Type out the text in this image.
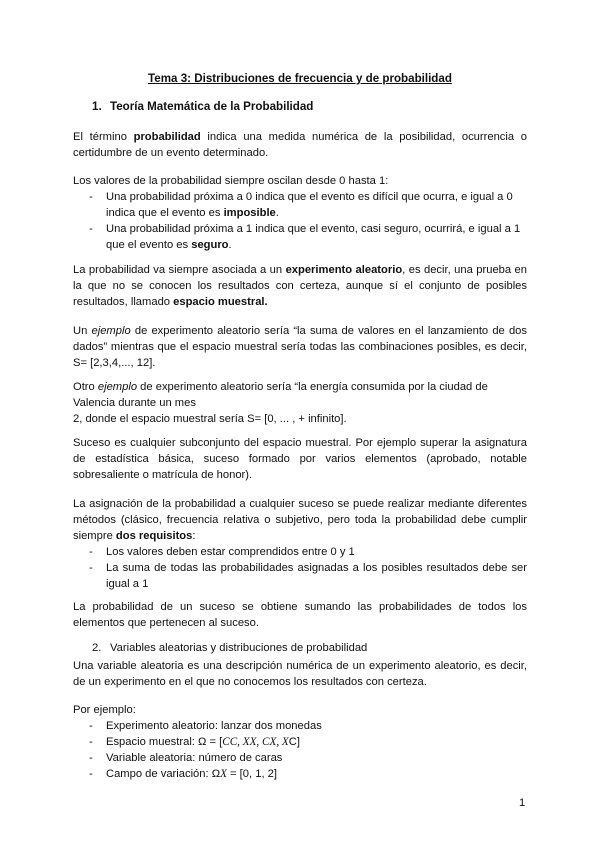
Tema 3: Distribuciones de frecuencia y de probabilidad
1. Teoría Matemática de la Probabilidad
El término probabilidad indica una medida numérica de la posibilidad, ocurrencia o certidumbre de un evento determinado.
Los valores de la probabilidad siempre oscilan desde 0 hasta 1:
- Una probabilidad próxima a 0 indica que el evento es difícil que ocurra, e igual a 0 indica que el evento es imposible.
- Una probabilidad próxima a 1 indica que el evento, casi seguro, ocurrirá, e igual a 1 que el evento es seguro.
La probabilidad va siempre asociada a un experimento aleatorio, es decir, una prueba en la que no se conocen los resultados con certeza, aunque sí el conjunto de posibles resultados, llamado espacio muestral.
Un ejemplo de experimento aleatorio sería “la suma de valores en el lanzamiento de dos dados” mientras que el espacio muestral sería todas las combinaciones posibles, es decir, S= [2,3,4,..., 12].
Otro ejemplo de experimento aleatorio sería “la energía consumida por la ciudad de Valencia durante un mes
2, donde el espacio muestral sería S= [0, ... , + infinito].
Suceso es cualquier subconjunto del espacio muestral. Por ejemplo superar la asignatura de estadística básica, suceso formado por varios elementos (aprobado, notable sobresaliente o matrícula de honor).
La asignación de la probabilidad a cualquier suceso se puede realizar mediante diferentes métodos (clásico, frecuencia relativa o subjetivo, pero toda la probabilidad debe cumplir siempre dos requisitos:
- Los valores deben estar comprendidos entre 0 y 1
- La suma de todas las probabilidades asignadas a los posibles resultados debe ser igual a 1
La probabilidad de un suceso se obtiene sumando las probabilidades de todos los elementos que pertenecen al suceso.
2. Variables aleatorias y distribuciones de probabilidad
Una variable aleatoria es una descripción numérica de un experimento aleatorio, es decir, de un experimento en el que no conocemos los resultados con certeza.
Por ejemplo:
- Experimento aleatorio: lanzar dos monedas
- Espacio muestral: Ω = [CC, XX, CX, XC]
- Variable aleatoria: número de caras
- Campo de variación: ΩX = [0, 1, 2]
1
